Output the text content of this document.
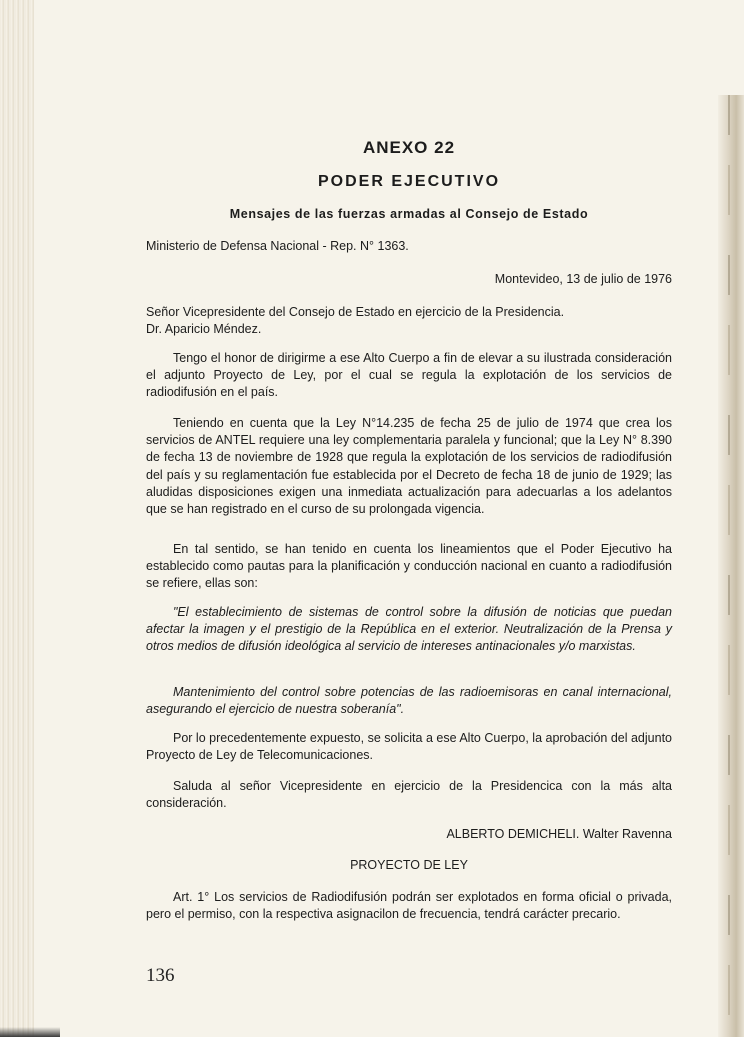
ANEXO 22
PODER EJECUTIVO
Mensajes de las fuerzas armadas al Consejo de Estado
Ministerio de Defensa Nacional - Rep. N° 1363.
Montevideo, 13 de julio de 1976
Señor Vicepresidente del Consejo de Estado en ejercicio de la Presidencia.
Dr. Aparicio Méndez.
Tengo el honor de dirigirme a ese Alto Cuerpo a fin de elevar a su ilustrada consideración el adjunto Proyecto de Ley, por el cual se regula la explotación de los servicios de radiodifusión en el país.
Teniendo en cuenta que la Ley N°14.235 de fecha 25 de julio de 1974 que crea los servicios de ANTEL requiere una ley complementaria paralela y funcional; que la Ley N° 8.390 de fecha 13 de noviembre de 1928 que regula la explotación de los servicios de radiodifusión del país y su reglamentación fue establecida por el Decreto de fecha 18 de junio de 1929; las aludidas disposiciones exigen una inmediata actualización para adecuarlas a los adelantos que se han registrado en el curso de su prolongada vigencia.
En tal sentido, se han tenido en cuenta los lineamientos que el Poder Ejecutivo ha establecido como pautas para la planificación y conducción nacional en cuanto a radiodifusión se refiere, ellas son:
"El establecimiento de sistemas de control sobre la difusión de noticias que puedan afectar la imagen y el prestigio de la República en el exterior. Neutralización de la Prensa y otros medios de difusión ideológica al servicio de intereses antinacionales y/o marxistas.
Mantenimiento del control sobre potencias de las radioemisoras en canal internacional, asegurando el ejercicio de nuestra soberanía".
Por lo precedentemente expuesto, se solicita a ese Alto Cuerpo, la aprobación del adjunto Proyecto de Ley de Telecomunicaciones.
Saluda al señor Vicepresidente en ejercicio de la Presidencica con la más alta consideración.
ALBERTO DEMICHELI. Walter Ravenna
PROYECTO DE LEY
Art. 1° Los servicios de Radiodifusión podrán ser explotados en forma oficial o privada, pero el permiso, con la respectiva asignacilon de frecuencia, tendrá carácter precario.
136
